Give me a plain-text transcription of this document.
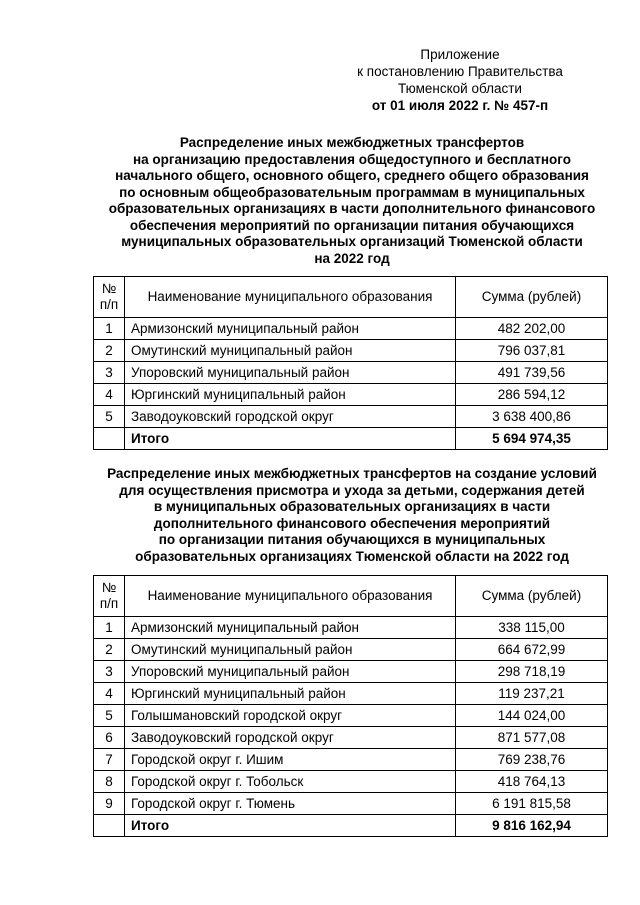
Приложение
к постановлению Правительства
Тюменской области
от 01 июля 2022 г. № 457-п
Распределение иных межбюджетных трансфертов
на организацию предоставления общедоступного и бесплатного
начального общего, основного общего, среднего общего образования
по основным общеобразовательным программам в муниципальных
образовательных организациях в части дополнительного финансового
обеспечения мероприятий по организации питания обучающихся
муниципальных образовательных организаций Тюменской области
на 2022 год
№ п/п	Наименование муниципального образования	Сумма (рублей)
1	Армизонский муниципальный район	482 202,00
2	Омутинский муниципальный район	796 037,81
3	Упоровский муниципальный район	491 739,56
4	Юргинский муниципальный район	286 594,12
5	Заводоуковский городской округ	3 638 400,86
	Итого	5 694 974,35
Распределение иных межбюджетных трансфертов на создание условий
для осуществления присмотра и ухода за детьми, содержания детей
в муниципальных образовательных организациях в части
дополнительного финансового обеспечения мероприятий
по организации питания обучающихся в муниципальных
образовательных организациях Тюменской области на 2022 год
№ п/п	Наименование муниципального образования	Сумма (рублей)
1	Армизонский муниципальный район	338 115,00
2	Омутинский муниципальный район	664 672,99
3	Упоровский муниципальный район	298 718,19
4	Юргинский муниципальный район	119 237,21
5	Голышмановский городской округ	144 024,00
6	Заводоуковский городской округ	871 577,08
7	Городской округ г. Ишим	769 238,76
8	Городской округ г. Тобольск	418 764,13
9	Городской округ г. Тюмень	6 191 815,58
	Итого	9 816 162,94
